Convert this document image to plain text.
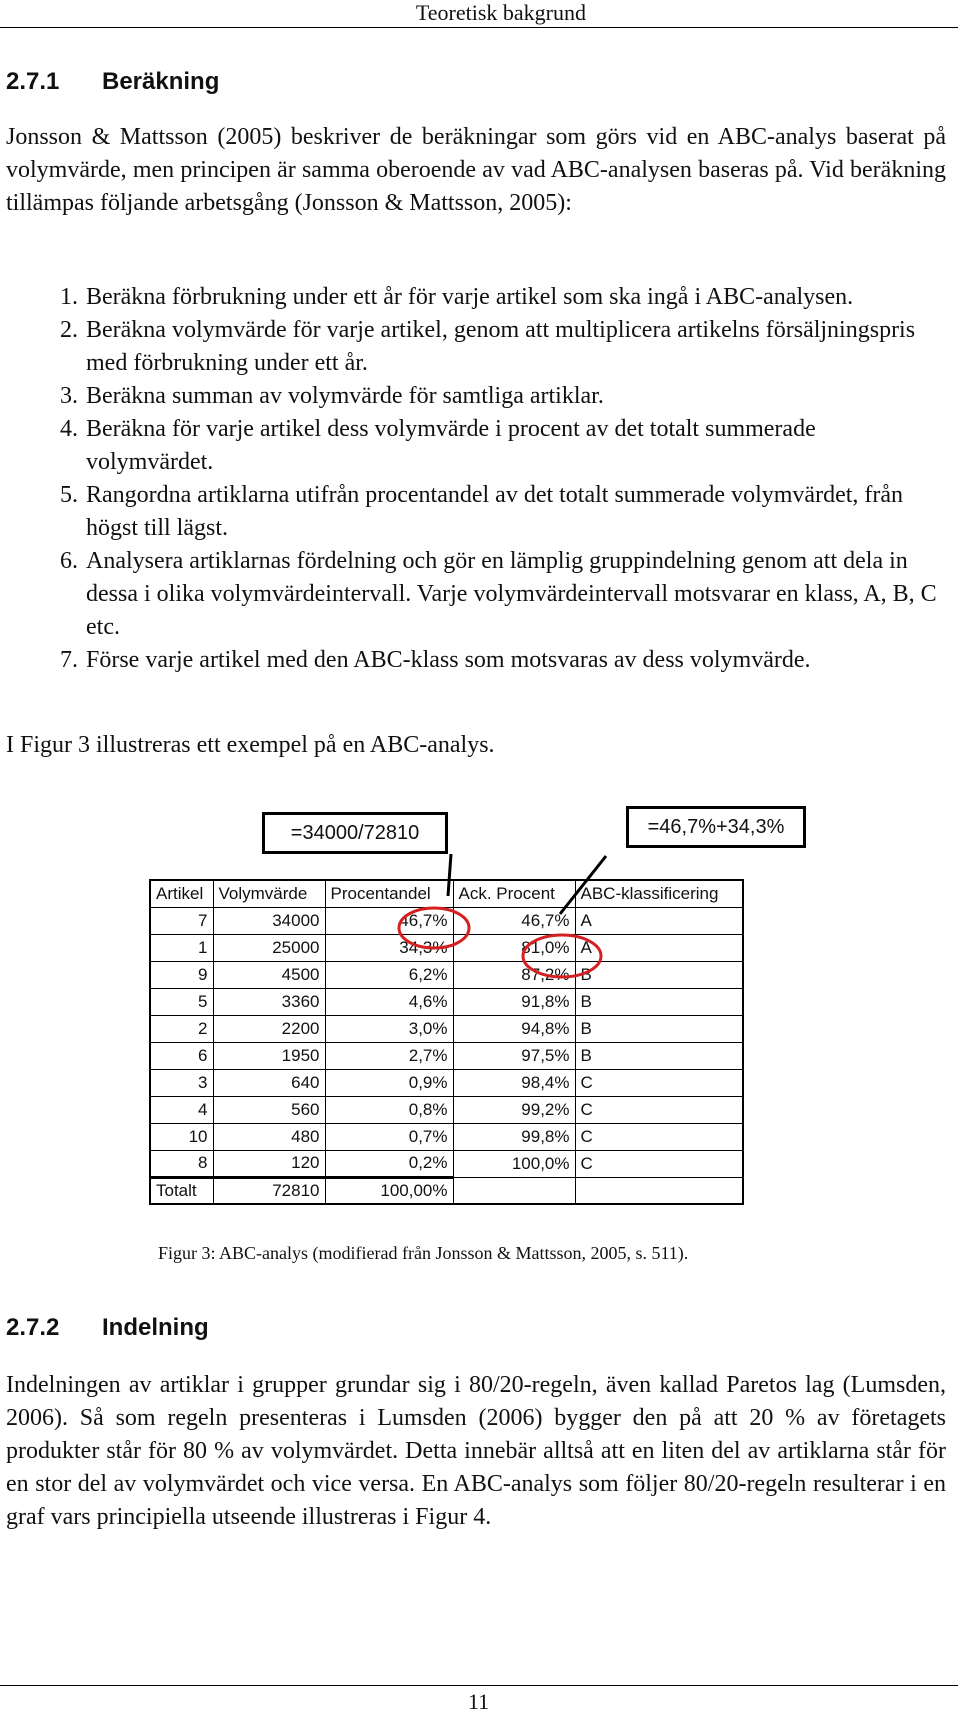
Teoretisk bakgrund
2.7.1 Beräkning
Jonsson & Mattsson (2005) beskriver de beräkningar som görs vid en ABC-analys baserat på volymvärde, men principen är samma oberoende av vad ABC-analysen baseras på. Vid beräkning tillämpas följande arbetsgång (Jonsson & Mattsson, 2005):
1. Beräkna förbrukning under ett år för varje artikel som ska ingå i ABC-analysen.
2. Beräkna volymvärde för varje artikel, genom att multiplicera artikelns försäljningspris med förbrukning under ett år.
3. Beräkna summan av volymvärde för samtliga artiklar.
4. Beräkna för varje artikel dess volymvärde i procent av det totalt summerade volymvärdet.
5. Rangordna artiklarna utifrån procentandel av det totalt summerade volymvärdet, från högst till lägst.
6. Analysera artiklarnas fördelning och gör en lämplig gruppindelning genom att dela in dessa i olika volymvärdeintervall. Varje volymvärdeintervall motsvarar en klass, A, B, C etc.
7. Förse varje artikel med den ABC-klass som motsvaras av dess volymvärde.
I Figur 3 illustreras ett exempel på en ABC-analys.
=34000/72810	=46,7%+34,3%
Artikel	Volymvärde	Procentandel	Ack. Procent	ABC-klassificering
7	34000	46,7%	46,7%	A
1	25000	34,3%	81,0%	A
9	4500	6,2%	87,2%	B
5	3360	4,6%	91,8%	B
2	2200	3,0%	94,8%	B
6	1950	2,7%	97,5%	B
3	640	0,9%	98,4%	C
4	560	0,8%	99,2%	C
10	480	0,7%	99,8%	C
8	120	0,2%	100,0%	C
Totalt	72810	100,00%		
Figur 3: ABC-analys (modifierad från Jonsson & Mattsson, 2005, s. 511).
2.7.2 Indelning
Indelningen av artiklar i grupper grundar sig i 80/20-regeln, även kallad Paretos lag (Lumsden, 2006). Så som regeln presenteras i Lumsden (2006) bygger den på att 20 % av företagets produkter står för 80 % av volymvärdet. Detta innebär alltså att en liten del av artiklarna står för en stor del av volymvärdet och vice versa. En ABC-analys som följer 80/20-regeln resulterar i en graf vars principiella utseende illustreras i Figur 4.
11
